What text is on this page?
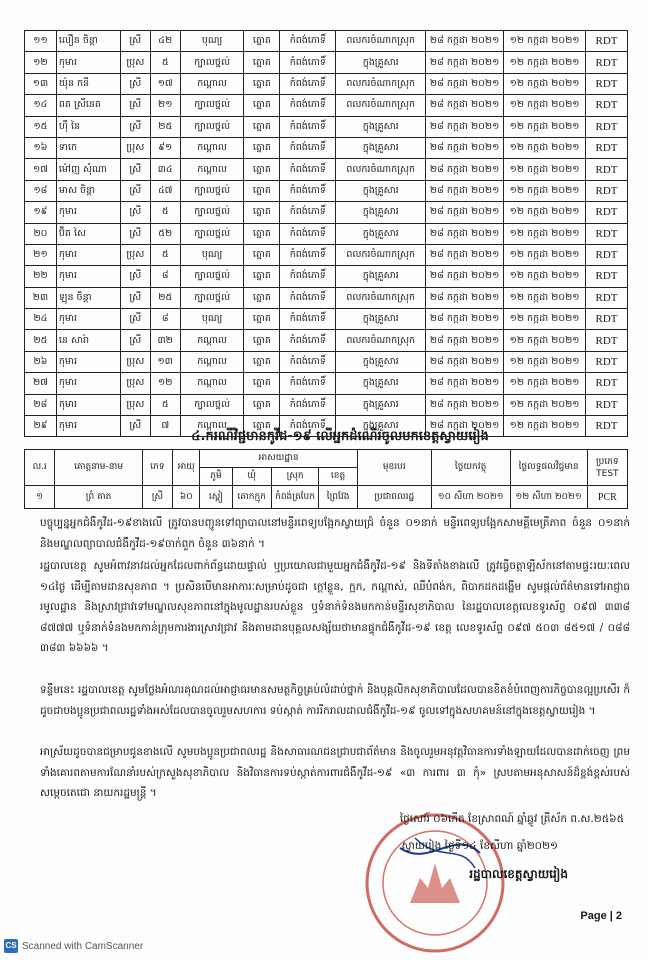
១១	លឿន ចិន្តា	ស្រី	៤២	បុណ្យ	ត្នោត	កំពង់ភោទិ៍	ពលករចំណាកស្រុក	២៨ កក្កដា ២០២១	១២ កក្កដា ២០២១	RDT
១២	កុមារ	ប្រុស	៥	ក្បាលថ្នល់	ត្នោត	កំពង់ភោទិ៍	ក្នុងគ្រួសារ	២៨ កក្កដា ២០២១	១២ កក្កដា ២០២១	RDT
១៣	យ៉ុន កនី	ស្រី	១៧	កណ្ដាល	ត្នោត	កំពង់ភោទិ៍	ពលករចំណាកស្រុក	២៨ កក្កដា ២០២១	១២ កក្កដា ២០២១	RDT
១៤	ពត ស្រីនេត	ស្រី	២១	ក្បាលថ្នល់	ត្នោត	កំពង់ភោទិ៍	ពលករចំណាកស្រុក	២៨ កក្កដា ២០២១	១២ កក្កដា ២០២១	RDT
១៥	ហ៊ឹ នៃ	ស្រី	២៥	ក្បាលថ្នល់	ត្នោត	កំពង់ភោទិ៍	ក្នុងគ្រួសារ	២៨ កក្កដា ២០២១	១២ កក្កដា ២០២១	RDT
១៦	ទាកេ	ប្រុស	៩១	កណ្ដាល	ត្នោត	កំពង់ភោទិ៍	ក្នុងគ្រួសារ	២៨ កក្កដា ២០២១	១២ កក្កដា ២០២១	RDT
១៧	ម៉ៅញ សុំណា	ស្រី	៣៤	កណ្ដាល	ត្នោត	កំពង់ភោទិ៍	ពលករចំណាកស្រុក	២៨ កក្កដា ២០២១	១២ កក្កដា ២០២១	RDT
១៨	មាស ចិន្តា	ស្រី	៤៧	ក្បាលថ្នល់	ត្នោត	កំពង់ភោទិ៍	ក្នុងគ្រួសារ	២៨ កក្កដា ២០២១	១២ កក្កដា ២០២១	RDT
១៩	កុមារ	ស្រី	៥	ក្បាលថ្នល់	ត្នោត	កំពង់ភោទិ៍	ក្នុងគ្រួសារ	២៨ កក្កដា ២០២១	១២ កក្កដា ២០២១	RDT
២០	ប៊ិត សៃ	ស្រី	៥២	ក្បាលថ្នល់	ត្នោត	កំពង់ភោទិ៍	ក្នុងគ្រួសារ	២៨ កក្កដា ២០២១	១២ កក្កដា ២០២១	RDT
២១	កុមារ	ប្រុស	៥	បុណ្យ	ត្នោត	កំពង់ភោទិ៍	ពលករចំណាកស្រុក	២៨ កក្កដា ២០២១	១២ កក្កដា ២០២១	RDT
២២	កុមារ	ស្រី	៨	ក្បាលថ្នល់	ត្នោត	កំពង់ភោទិ៍	ក្នុងគ្រួសារ	២៨ កក្កដា ២០២១	១២ កក្កដា ២០២១	RDT
២៣	ឡុន ចិន្តា	ស្រី	២៥	ក្បាលថ្នល់	ត្នោត	កំពង់ភោទិ៍	ពលករចំណាកស្រុក	២៨ កក្កដា ២០២១	១២ កក្កដា ២០២១	RDT
២៤	កុមារ	ស្រី	៨	បុណ្យ	ត្នោត	កំពង់ភោទិ៍	ក្នុងគ្រួសារ	២៨ កក្កដា ២០២១	១២ កក្កដា ២០២១	RDT
២៥	នេ សារ៉ា	ស្រី	៣២	កណ្ដាល	ត្នោត	កំពង់ភោទិ៍	ពលករចំណាកស្រុក	២៨ កក្កដា ២០២១	១២ កក្កដា ២០២១	RDT
២៦	កុមារ	ប្រុស	១៣	កណ្ដាល	ត្នោត	កំពង់ភោទិ៍	ក្នុងគ្រួសារ	២៨ កក្កដា ២០២១	១២ កក្កដា ២០២១	RDT
២៧	កុមារ	ប្រុស	១២	កណ្ដាល	ត្នោត	កំពង់ភោទិ៍	ក្នុងគ្រួសារ	២៨ កក្កដា ២០២១	១២ កក្កដា ២០២១	RDT
២៨	កុមារ	ប្រុស	៥	ក្បាលថ្នល់	ត្នោត	កំពង់ភោទិ៍	ក្នុងគ្រួសារ	២៨ កក្កដា ២០២១	១២ កក្កដា ២០២១	RDT
២៩	កុមារ	ស្រី	៧	កណ្ដាល	ត្នោត	កំពង់ភោទិ៍	ក្នុងគ្រួសារ	២៨ កក្កដា ២០២១	១២ កក្កដា ២០២១	RDT
៤.ករណីវិជ្ជមានកូវីដ-១៩ លើអ្នកដំណើរចូលមកខេត្តស្វាយរៀង
ល.រ	គោត្តនាម-នាម	ភេទ	អាយុ	អាសយដ្ឋាន				មុខរបរ	ថ្ងៃយកវត្ថុ	ថ្ងៃលទ្ធផលវិជ្ជមាន	ប្រភេទ
TEST

				ភូមិ	ឃុំ	ស្រុក	ខេត្ត				
១	ព្រំ គាត	ស្រី	៦០	ស្ពៀ	គោកក្មុក	កំពង់ត្របែក	ព្រៃវែង	ប្រជាពលរដ្ឋ	១០ សីហា ២០២១	១២ សីហា ២០២១	PCR
បច្ចុប្បន្នអ្នកជំងឺកូវីដ-១៩ខាងលើ ត្រូវបានបញ្ជូនទៅព្យាបាលនៅមន្ទីរពេទ្យបង្អែកស្វាយជ្រំ ចំនួន ០១នាក់ មន្ទីរពេទ្យបង្អែកសាមគ្គីមេត្រីភាព ចំនួន ០១នាក់ និងមណ្ឌលព្យាបាលជំងឺកូវីដ-១៩ចាក់ពួក ចំនួន ៣៦នាក់ ។
រដ្ឋបាលខេត្ត សូមអំពាវនាវដល់អ្នកដែលពាក់ព័ន្ធដោយផ្ទាល់ ឬប្រយោលជាមួយអ្នកជំងឺកូវីដ-១៩ និងទីតាំងខាងលើ ត្រូវធ្វើចត្តាឡីស័កនៅតាមផ្ទះរយៈពេល ១៤ថ្ងៃ ដើម្បីតាមដានសុខភាព ។ ប្រសិនបើមានអាការៈសម្រាប់ដូចជា ក្តៅខ្លួន, ក្អក, កណ្តាស់, ឈឺបំពង់ក, ពិបាកដកដង្ហើម សូមផ្តល់ព័ត៌មានទៅអាជ្ញាធរមូលដ្ឋាន និងស្រាវជ្រាវទៅមណ្ឌលសុខភាពនៅក្នុងមូលដ្ឋានរបស់ខ្លួន ឬទំនាក់ទំនងមកកាន់មន្ទីរសុខាភិបាល នៃរដ្ឋបាលខេត្តលេខទូរស័ព្ទ ០៩៧ ៣៣៨ ៨៧៧៧ ឬទំនាក់ទំនងមកកាន់ក្រុមការងារស្រាវជ្រាវ និងតាមដានបុគ្គលសង្ស័យថាមានផ្ទុកជំងឺកូវីដ-១៩ ខេត្ត លេខទូរស័ព្ទ ០៩៧ ៥០៣ ៨៥១៧ / ០៨៨ ៣៨៣ ៦៦៦៦ ។
ទន្ទឹមនេះ រដ្ឋបាលខេត្ត សូមថ្លែងអំណរគុណដល់អាជ្ញាធរមានសមត្ថកិច្ចគ្រប់លំដាប់ថ្នាក់ និងបុគ្គលិកសុខាភិបាលដែលបានខិតខំបំពេញការកិច្ចបានល្អប្រសើរ ក៏ដូចជាបងប្អូនប្រជាពលរដ្ឋទាំងអស់ដែលបានចូលរួមសហការ ទប់ស្កាត់ ការរីករាលដាលជំងឺកូវីដ-១៩ ចូលទៅក្នុងសហគមន៍នៅក្នុងខេត្តស្វាយរៀង ។
អាស្រ័យដូចបានជម្រាបជូនខាងលើ សូមបងប្អូនប្រជាពលរដ្ឋ និងសាធារណជនជ្រាបជាព័ត៌មាន និងចូលរួមអនុវត្តវិធានការទាំងឡាយដែលបានដាក់ចេញ ព្រមទាំងគោរពតាមការណែនាំរបស់ក្រសួងសុខាភិបាល និងវិធានការទប់ស្កាត់ការពារជំងឺកូវីដ-១៩ «៣ ការពារ ៣ កុំ» ស្របតាមអនុសាសន៍ដ៏ខ្ពង់ខ្ពស់របស់សម្ដេចតេជោ នាយករដ្ឋមន្ត្រី ។
ថ្ងៃសៅរ៍ ០៦កើត ខែស្រាពណ៍ ឆ្នាំឆ្លូវ ត្រីស័ក ព.ស.២៥៦៥
ស្វាយរៀង ថ្ងៃទី១៤ ខែសីហា ឆ្នាំ២០២១
រដ្ឋបាលខេត្តស្វាយរៀង
Page | 2
CS Scanned with CamScanner
